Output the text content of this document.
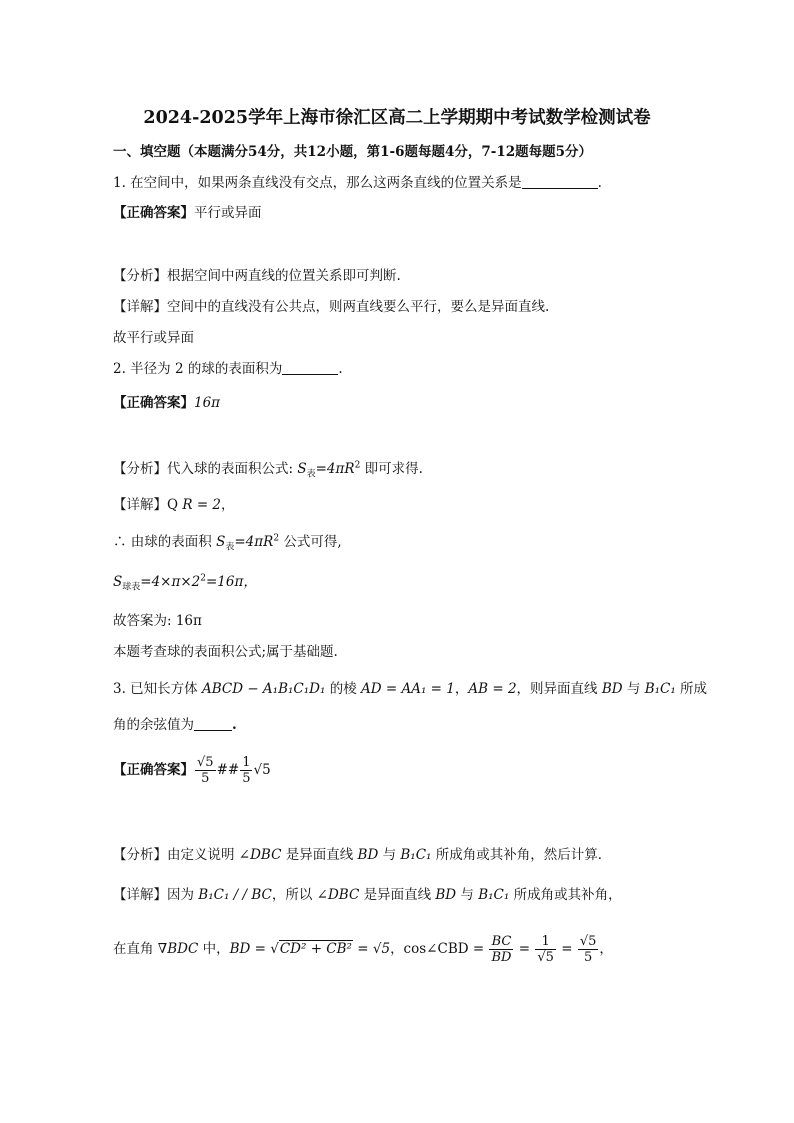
2024-2025学年上海市徐汇区高二上学期期中考试数学检测试卷
一、填空题（本题满分54分，共12小题，第1-6题每题4分，7-12题每题5分）
1. 在空间中，如果两条直线没有交点，那么这两条直线的位置关系是	.
【正确答案】平行或异面
【分析】根据空间中两直线的位置关系即可判断.
【详解】空间中的直线没有公共点，则两直线要么平行，要么是异面直线.
故平行或异面
2. 半径为 2 的球的表面积为	.
【正确答案】16π
【分析】代入球的表面积公式: $S_表=4\pi R^2$ 即可求得.
【详解】Q R = 2，
∴ 由球的表面积 $S_表=4\pi R^2$ 公式可得,
$S_{球表}=4\times\pi\times 2^2=16\pi$，
故答案为: 16π
本题考查球的表面积公式;属于基础题.
3. 已知长方体 ABCD − A₁B₁C₁D₁ 的棱 AD = AA₁ = 1，AB = 2，则异面直线 BD 与 B₁C₁ 所成
角的余弦值为	.
【正确答案】 $\frac{√5}{5}$ ## $\frac{1}{5} √5$
【分析】由定义说明 ∠DBC 是异面直线 BD 与 B₁C₁ 所成角或其补角，然后计算．
【详解】因为 B₁C₁ / / BC，所以 ∠DBC 是异面直线 BD 与 B₁C₁ 所成角或其补角，
在直角 ∇BDC 中，BD = √CD² + CB² = √5，cos∠CBD = $\frac{BC}{BD} = \frac{1}{√5} = \frac{√5}{5}$ ，
